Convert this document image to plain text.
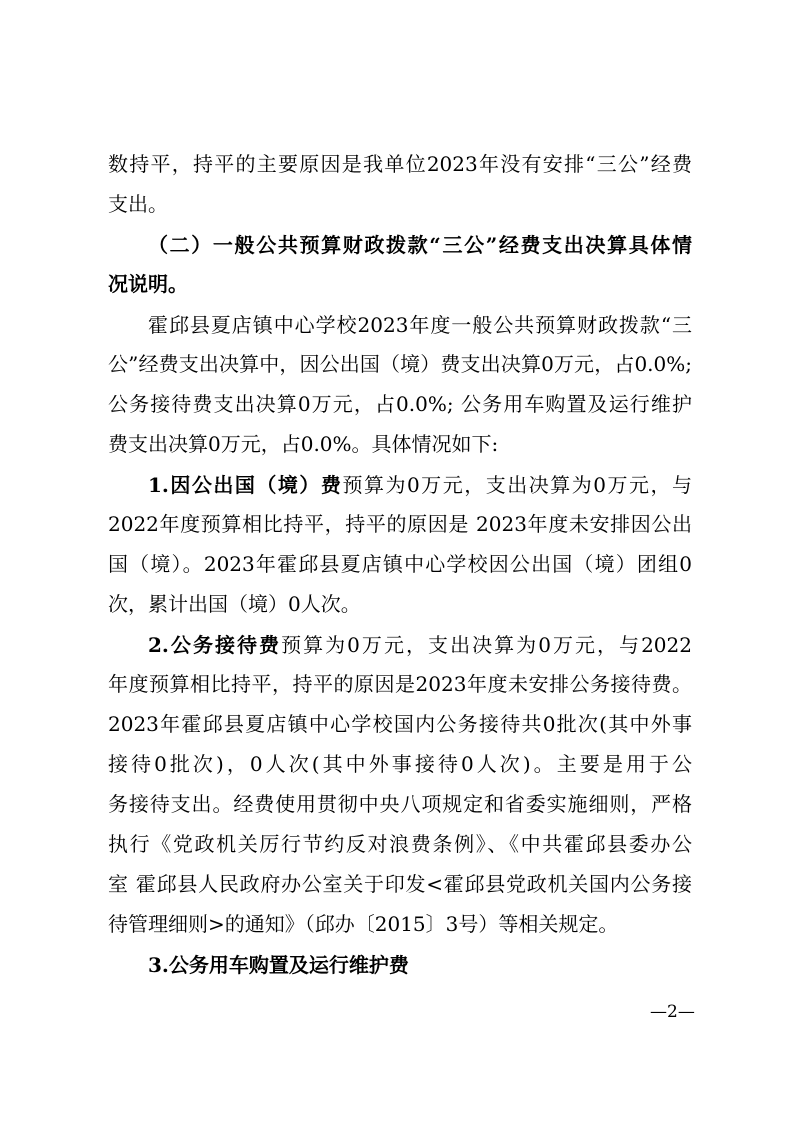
数持平，持平的主要原因是我单位2023年没有安排“三公”经费
支出。
（二）一般公共预算财政拨款“三公”经费支出决算具体情
况说明。
霍邱县夏店镇中心学校2023年度一般公共预算财政拨款“三
公”经费支出决算中，因公出国（境）费支出决算0万元，占0.0%;
公务接待费支出决算0万元，占0.0%; 公务用车购置及运行维护
费支出决算0万元，占0.0%。具体情况如下:
1.因公出国（境）费预算为0万元，支出决算为0万元，与
2022年度预算相比持平，持平的原因是 2023年度未安排因公出
国（境）。2023年霍邱县夏店镇中心学校因公出国（境）团组0
次，累计出国（境）0人次。
2.公务接待费预算为0万元，支出决算为0万元，与2022
年度预算相比持平，持平的原因是2023年度未安排公务接待费。
2023年霍邱县夏店镇中心学校国内公务接待共0批次(其中外事
接待0批次)，0人次(其中外事接待0人次)。主要是用于公
务接待支出。经费使用贯彻中央八项规定和省委实施细则，严格
执行《党政机关厉行节约反对浪费条例》、《中共霍邱县委办公
室 霍邱县人民政府办公室关于印发<霍邱县党政机关国内公务接
待管理细则>的通知》（邱办〔2015〕3号）等相关规定。
3.公务用车购置及运行维护费
—2—
